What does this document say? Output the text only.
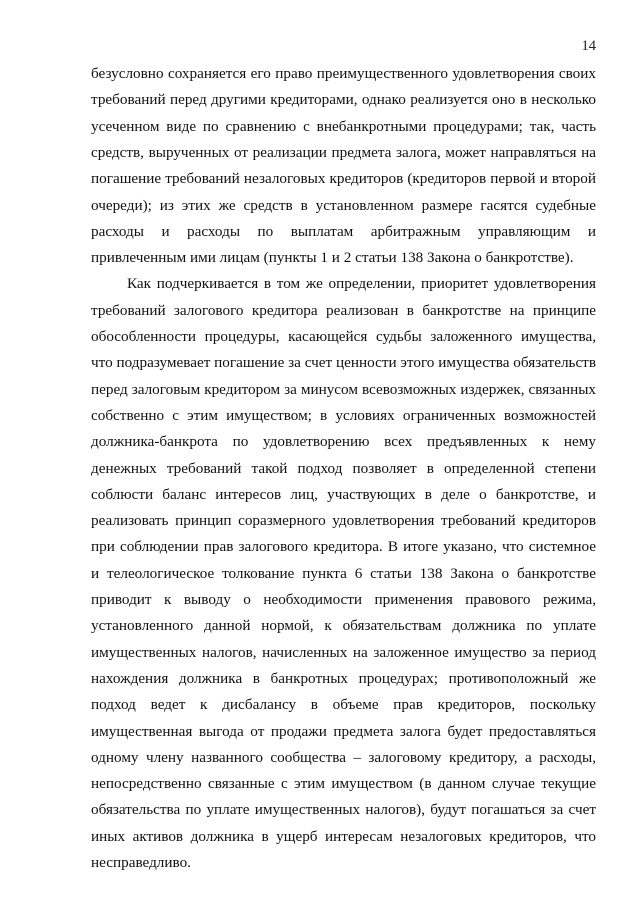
14
безусловно сохраняется его право преимущественного удовлетворения своих
требований перед другими кредиторами, однако реализуется оно в несколько
усеченном виде по сравнению с внебанкротными процедурами; так, часть
средств, вырученных от реализации предмета залога, может направляться на
погашение требований незалоговых кредиторов (кредиторов первой и второй
очереди); из этих же средств в установленном размере гасятся судебные
расходы и расходы по выплатам арбитражным управляющим и
привлеченным ими лицам (пункты 1 и 2 статьи 138 Закона о банкротстве).
Как подчеркивается в том же определении, приоритет удовлетворения
требований залогового кредитора реализован в банкротстве на принципе
обособленности процедуры, касающейся судьбы заложенного имущества,
что подразумевает погашение за счет ценности этого имущества обязательств
перед залоговым кредитором за минусом всевозможных издержек, связанных
собственно с этим имуществом; в условиях ограниченных возможностей
должника-банкрота по удовлетворению всех предъявленных к нему
денежных требований такой подход позволяет в определенной степени
соблюсти баланс интересов лиц, участвующих в деле о банкротстве, и
реализовать принцип соразмерного удовлетворения требований кредиторов
при соблюдении прав залогового кредитора. В итоге указано, что системное
и телеологическое толкование пункта 6 статьи 138 Закона о банкротстве
приводит к выводу о необходимости применения правового режима,
установленного данной нормой, к обязательствам должника по уплате
имущественных налогов, начисленных на заложенное имущество за период
нахождения должника в банкротных процедурах; противоположный же
подход ведет к дисбалансу в объеме прав кредиторов, поскольку
имущественная выгода от продажи предмета залога будет предоставляться
одному члену названного сообщества – залоговому кредитору, а расходы,
непосредственно связанные с этим имуществом (в данном случае текущие
обязательства по уплате имущественных налогов), будут погашаться за счет
иных активов должника в ущерб интересам незалоговых кредиторов, что
несправедливо.
